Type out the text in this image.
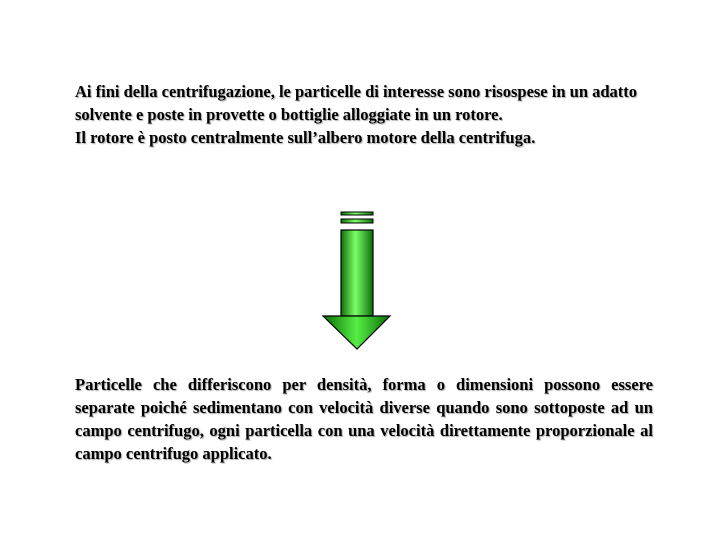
Ai fini della centrifugazione, le particelle di interesse sono risospese in un adatto solvente e poste in provette o bottiglie alloggiate in un rotore.

Il rotore è posto centralmente sull’albero motore della centrifuga.

Particelle che differiscono per densità, forma o dimensioni possono essere separate poiché sedimentano con velocità diverse quando sono sottoposte ad un campo centrifugo, ogni particella con una velocità direttamente proporzionale al campo centrifugo applicato.
